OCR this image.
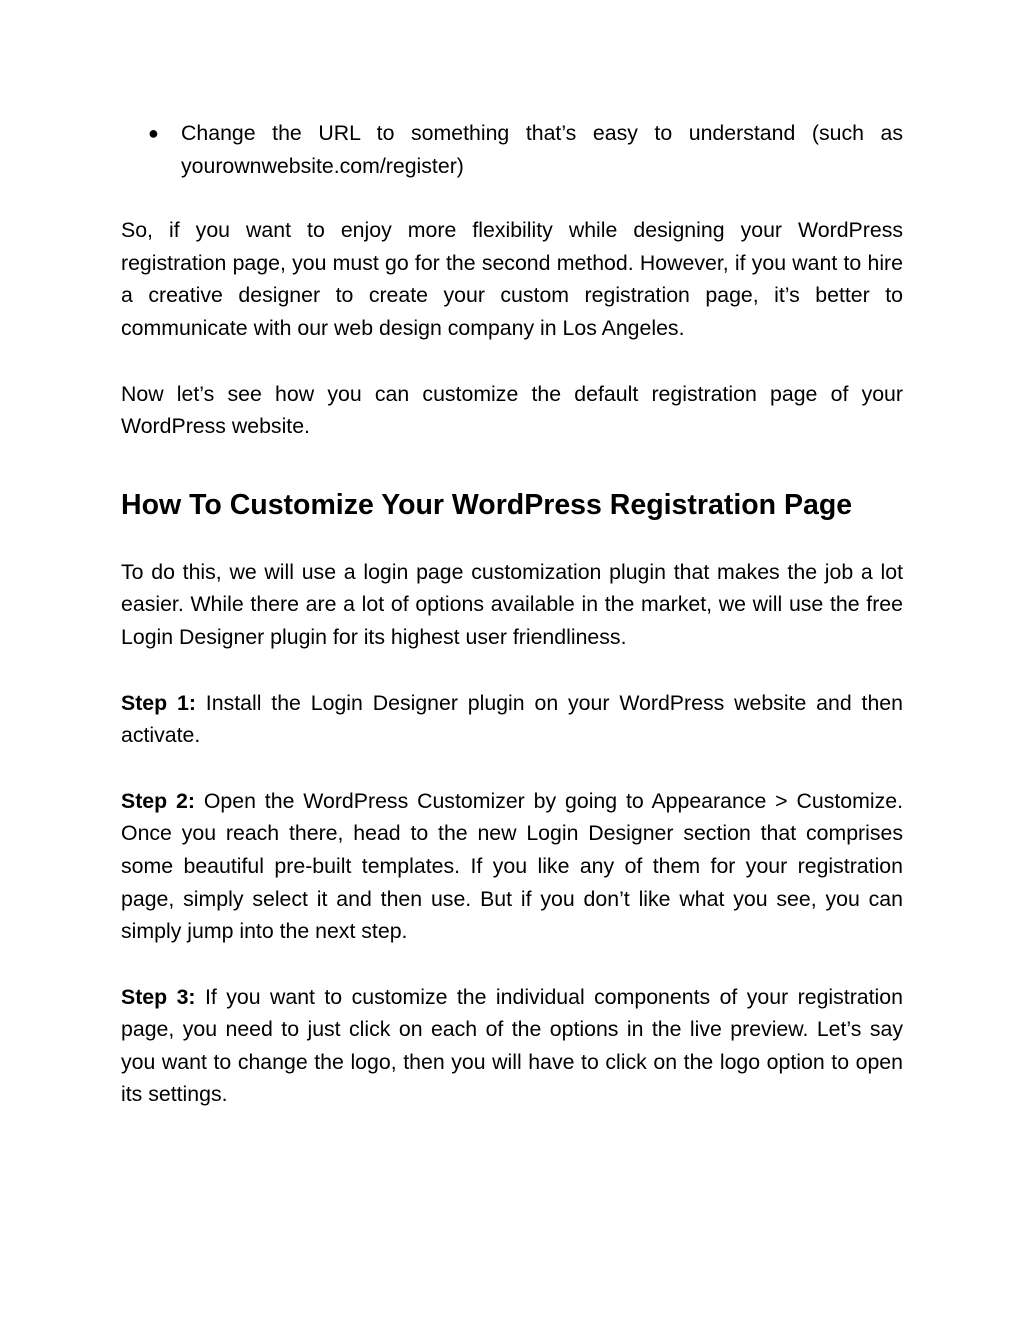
● Change the URL to something that’s easy to understand (such as yourownwebsite.com/register)

So, if you want to enjoy more flexibility while designing your WordPress registration page, you must go for the second method. However, if you want to hire a creative designer to create your custom registration page, it’s better to communicate with our web design company in Los Angeles.

Now let’s see how you can customize the default registration page of your WordPress website.

How To Customize Your WordPress Registration Page

To do this, we will use a login page customization plugin that makes the job a lot easier. While there are a lot of options available in the market, we will use the free Login Designer plugin for its highest user friendliness.

Step 1: Install the Login Designer plugin on your WordPress website and then activate.

Step 2: Open the WordPress Customizer by going to Appearance > Customize. Once you reach there, head to the new Login Designer section that comprises some beautiful pre-built templates. If you like any of them for your registration page, simply select it and then use. But if you don’t like what you see, you can simply jump into the next step.

Step 3: If you want to customize the individual components of your registration page, you need to just click on each of the options in the live preview. Let’s say you want to change the logo, then you will have to click on the logo option to open its settings.
